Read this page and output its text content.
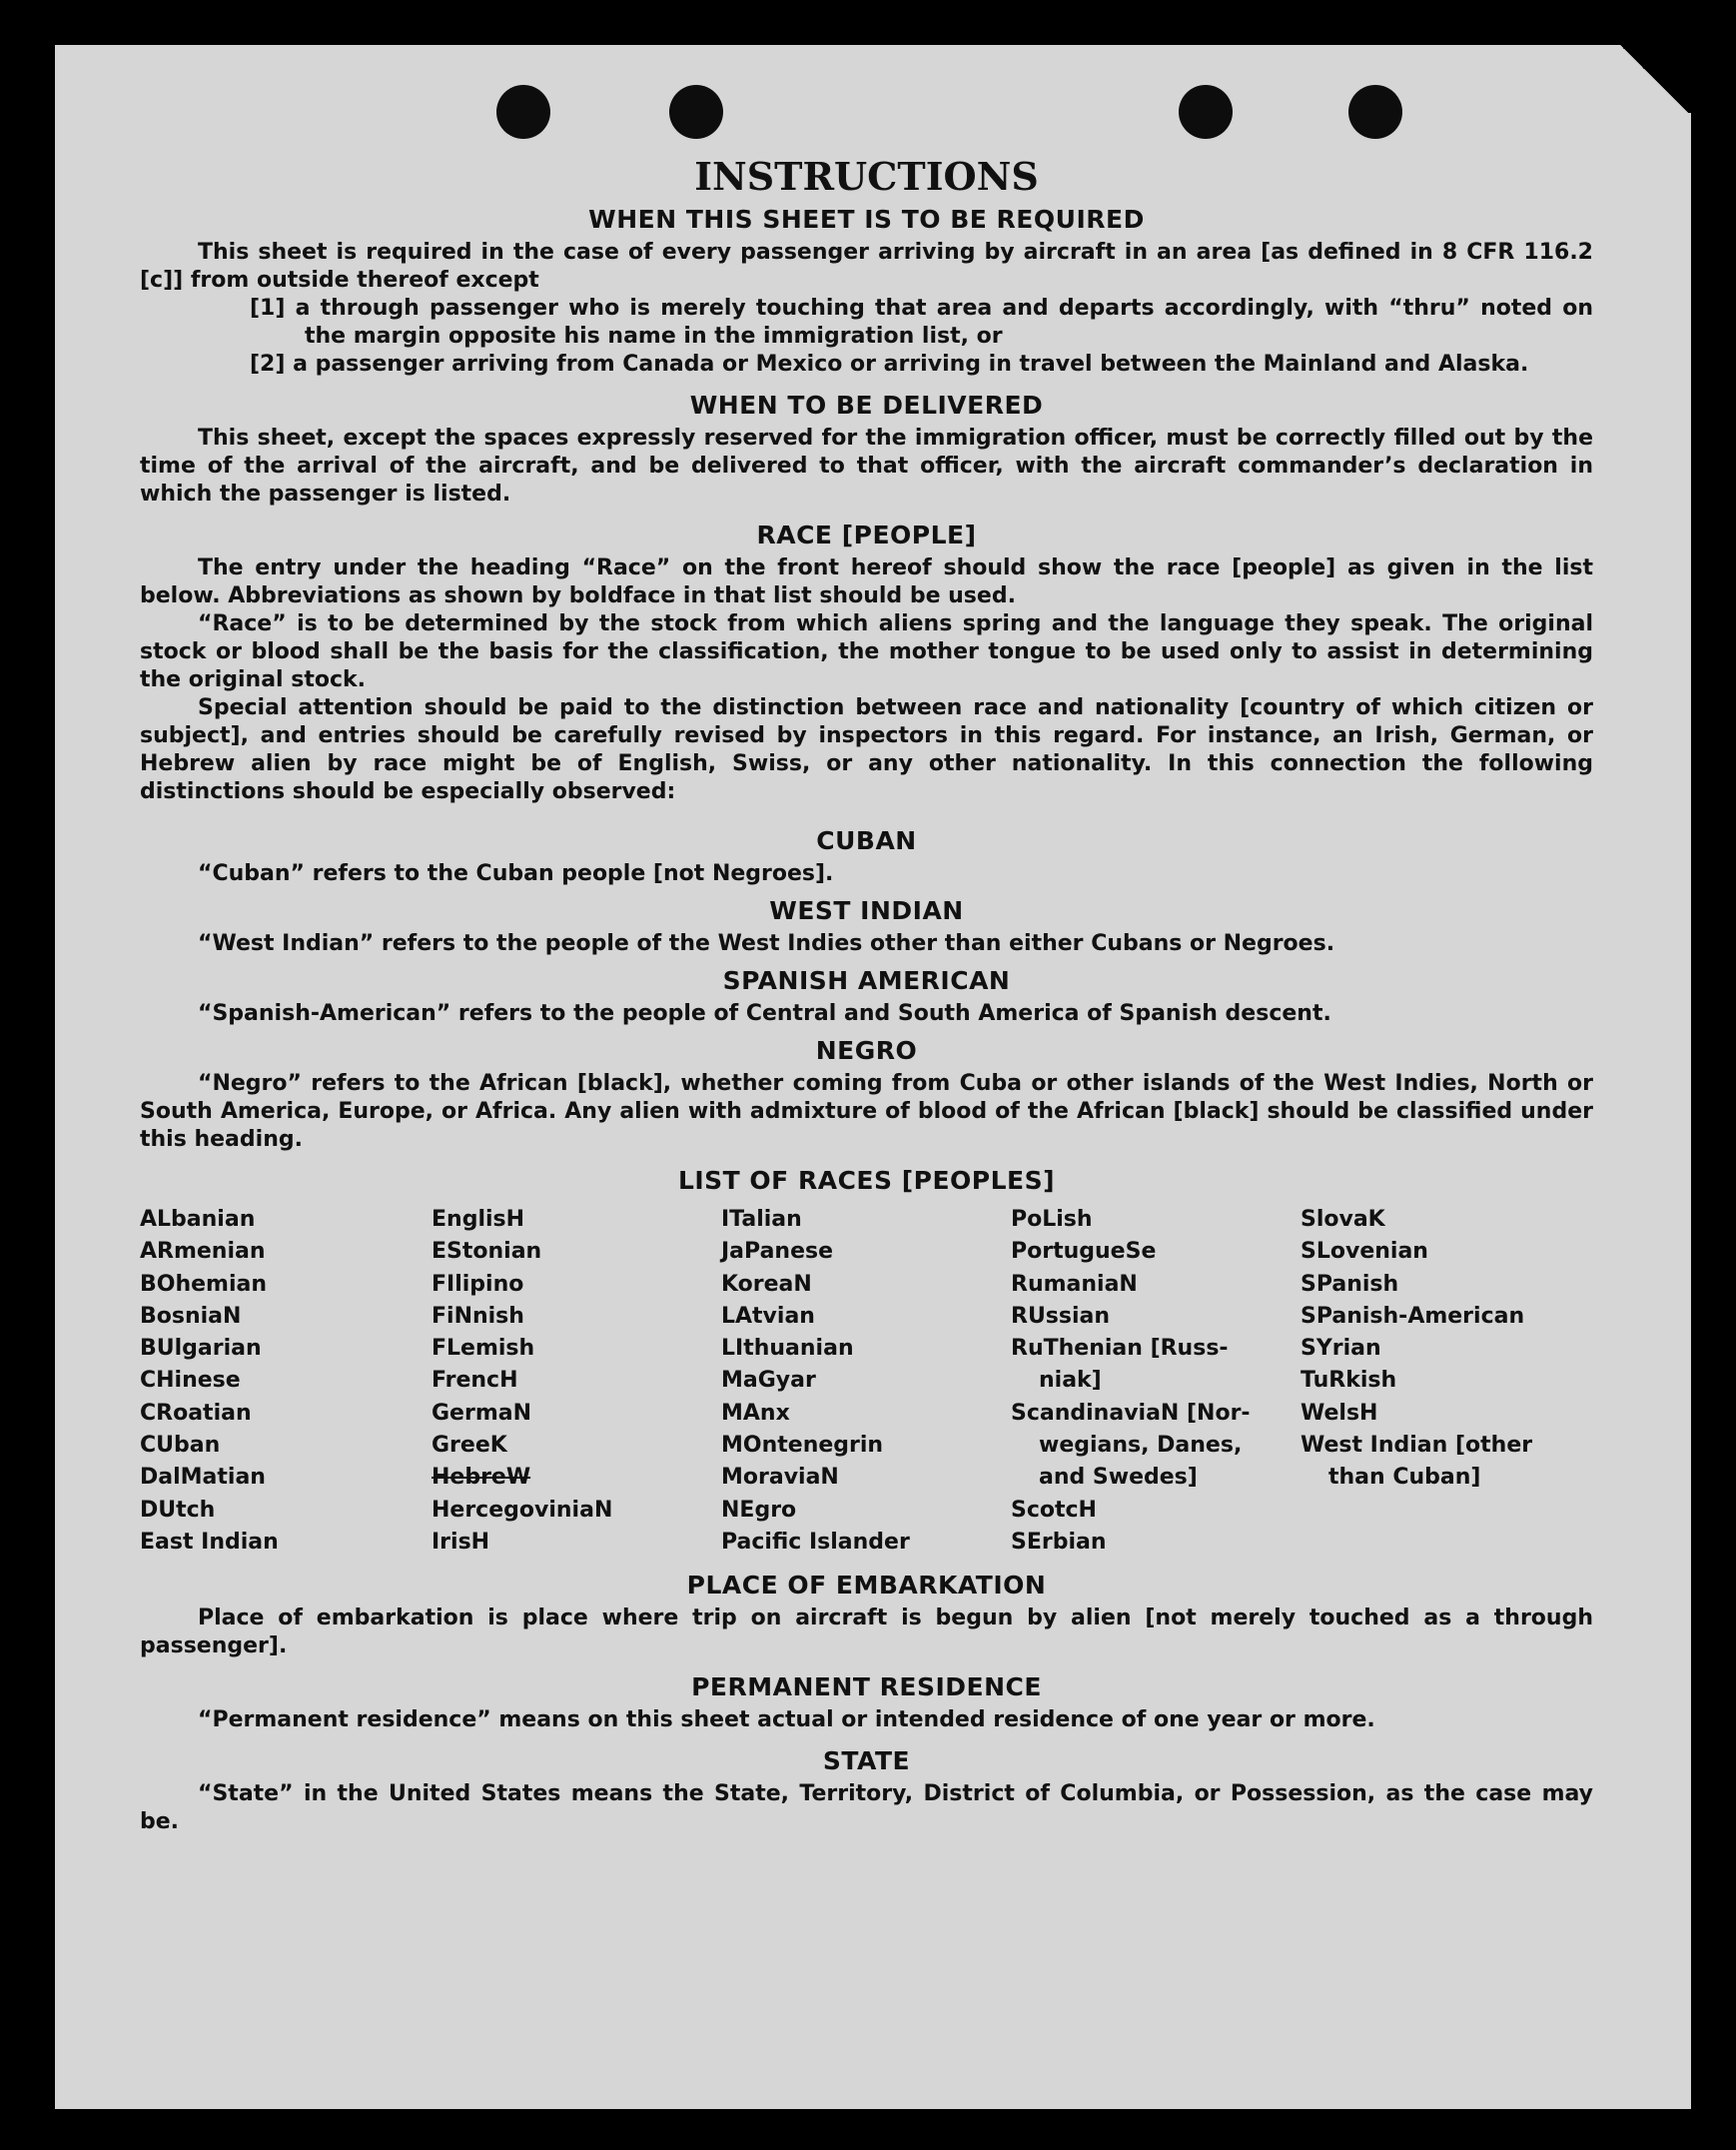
INSTRUCTIONS
WHEN THIS SHEET IS TO BE REQUIRED

This sheet is required in the case of every passenger arriving by aircraft in an area [as defined in 8 CFR 116.2 [c]] from outside thereof except

[1] a through passenger who is merely touching that area and departs accordingly, with “thru” noted on the margin opposite his name in the immigration list, or

[2] a passenger arriving from Canada or Mexico or arriving in travel between the Mainland and Alaska.

WHEN TO BE DELIVERED

This sheet, except the spaces expressly reserved for the immigration officer, must be correctly filled out by the time of the arrival of the aircraft, and be delivered to that officer, with the aircraft commander’s declaration in which the passenger is listed.

RACE [PEOPLE]

The entry under the heading “Race” on the front hereof should show the race [people] as given in the list below. Abbreviations as shown by boldface in that list should be used.

“Race” is to be determined by the stock from which aliens spring and the language they speak. The original stock or blood shall be the basis for the classification, the mother tongue to be used only to assist in determining the original stock.

Special attention should be paid to the distinction between race and nationality [country of which citizen or subject], and entries should be carefully revised by inspectors in this regard. For instance, an Irish, German, or Hebrew alien by race might be of English, Swiss, or any other nationality. In this connection the following distinctions should be especially observed:

CUBAN

“Cuban” refers to the Cuban people [not Negroes].

WEST INDIAN

“West Indian” refers to the people of the West Indies other than either Cubans or Negroes.

SPANISH AMERICAN

“Spanish-American” refers to the people of Central and South America of Spanish descent.

NEGRO

“Negro” refers to the African [black], whether coming from Cuba or other islands of the West Indies, North or South America, Europe, or Africa. Any alien with admixture of blood of the African [black] should be classified under this heading.

LIST OF RACES [PEOPLES]
ALbanian
ARmenian
BOhemian
BosniaN
BUlgarian
CHinese
CRoatian
CUban
DalMatian
DUtch
East Indian
EnglisH
EStonian
FIlipino
FiNnish
FLemish
FrencH
GermaN
GreeK
HebreW
HercegoviniaN
IrisH
ITalian
JaPanese
KoreaN
LAtvian
LIthuanian
MaGyar
MAnx
MOntenegrin
MoraviaN
NEgro
Pacific Islander
PoLish
PortugueSe
RumaniaN
RUssian
RuThenian [Russ-
niak]
ScandinaviaN [Nor-
wegians, Danes,
and Swedes]
ScotcH
SErbian
SlovaK
SLovenian
SPanish
SPanish-American
SYrian
TuRkish
WelsH
West Indian [other
than Cuban]
PLACE OF EMBARKATION

Place of embarkation is place where trip on aircraft is begun by alien [not merely touched as a through passenger].

PERMANENT RESIDENCE

“Permanent residence” means on this sheet actual or intended residence of one year or more.

STATE

“State” in the United States means the State, Territory, District of Columbia, or Possession, as the case may be.
